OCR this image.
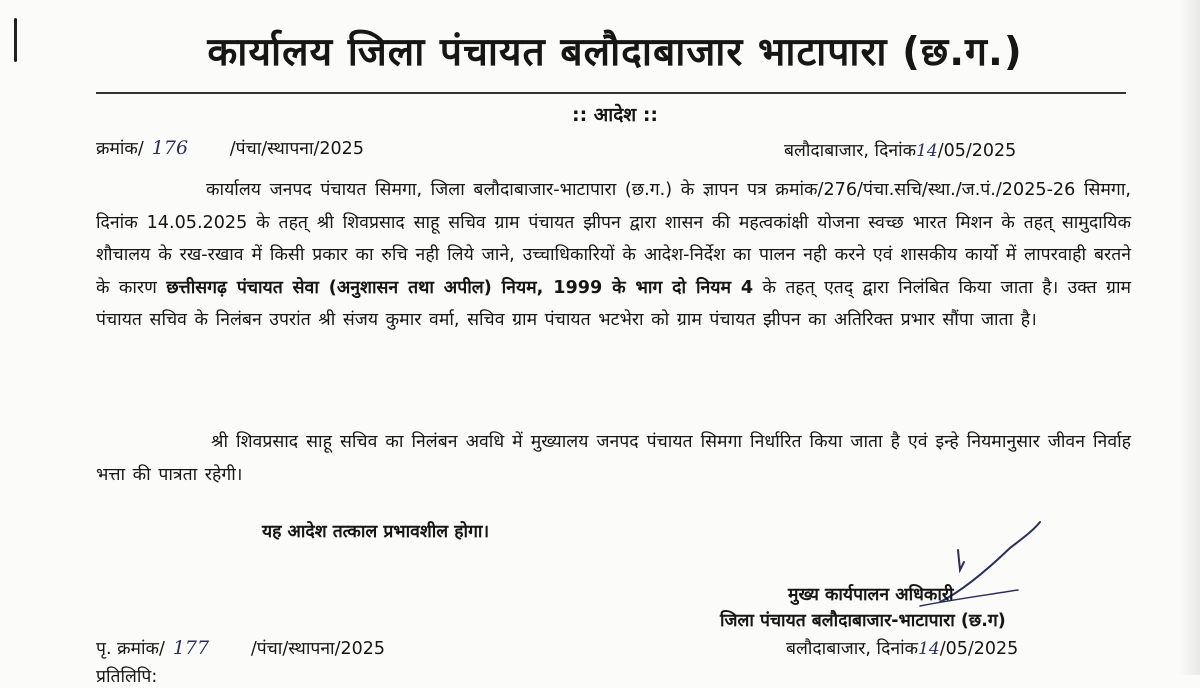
कार्यालय जिला पंचायत बलौदाबाजार भाटापारा (छ.ग.)
:: आदेश ::
क्रमांक/ 176 /पंचा/स्थापना/2025	बलौदाबाजार, दिनांक14/05/2025
कार्यालय जनपद पंचायत सिमगा, जिला बलौदाबाजार-भाटापारा (छ.ग.) के ज्ञापन पत्र क्रमांक/276/पंचा.सचि/स्था./ज.पं./2025-26 सिमगा, दिनांक 14.05.2025 के तहत् श्री शिवप्रसाद साहू सचिव ग्राम पंचायत झीपन द्वारा शासन की महत्वकांक्षी योजना स्वच्छ भारत मिशन के तहत् सामुदायिक शौचालय के रख-रखाव में किसी प्रकार का रुचि नही लिये जाने, उच्चाधिकारियों के आदेश-निर्देश का पालन नही करने एवं शासकीय कार्यो में लापरवाही बरतने के कारण छत्तीसगढ़ पंचायत सेवा (अनुशासन तथा अपील) नियम, 1999 के भाग दो नियम 4 के तहत् एतद् द्वारा निलंबित किया जाता है। उक्त ग्राम पंचायत सचिव के निलंबन उपरांत श्री संजय कुमार वर्मा, सचिव ग्राम पंचायत भटभेरा को ग्राम पंचायत झीपन का अतिरिक्त प्रभार सौंपा जाता है।
श्री शिवप्रसाद साहू सचिव का निलंबन अवधि में मुख्यालय जनपद पंचायत सिमगा निर्धारित किया जाता है एवं इन्हे नियमानुसार जीवन निर्वाह भत्ता की पात्रता रहेगी।
यह आदेश तत्काल प्रभावशील होगा।
मुख्य कार्यपालन अधिकारी
जिला पंचायत बलौदाबाजार-भाटापारा (छ.ग)
पृ. क्रमांक/ 177 /पंचा/स्थापना/2025	बलौदाबाजार, दिनांक14/05/2025
प्रतिलिपि:
